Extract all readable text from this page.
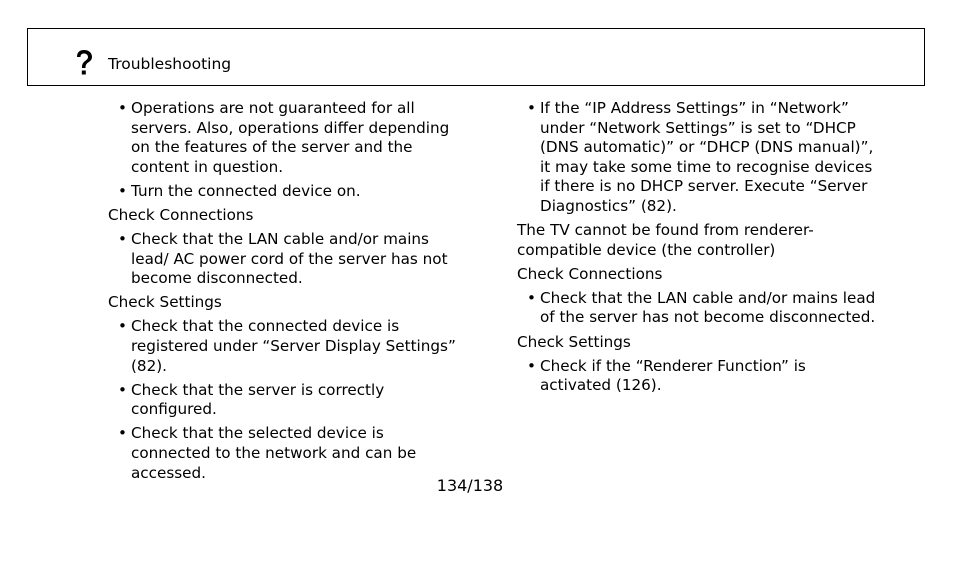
Troubleshooting
• Operations are not guaranteed for all servers. Also, operations differ depending on the features of the server and the content in question.
• Turn the connected device on.
Check Connections
• Check that the LAN cable and/or mains lead/ AC power cord of the server has not become disconnected.
Check Settings
• Check that the connected device is registered under “Server Display Settings” (82).
• Check that the server is correctly configured.
• Check that the selected device is connected to the network and can be accessed.
• If the “IP Address Settings” in “Network” under “Network Settings” is set to “DHCP (DNS automatic)” or “DHCP (DNS manual)”, it may take some time to recognise devices if there is no DHCP server. Execute “Server Diagnostics” (82).
The TV cannot be found from renderer-compatible device (the controller)
Check Connections
• Check that the LAN cable and/or mains lead of the server has not become disconnected.
Check Settings
• Check if the “Renderer Function” is activated (126).
134/138
